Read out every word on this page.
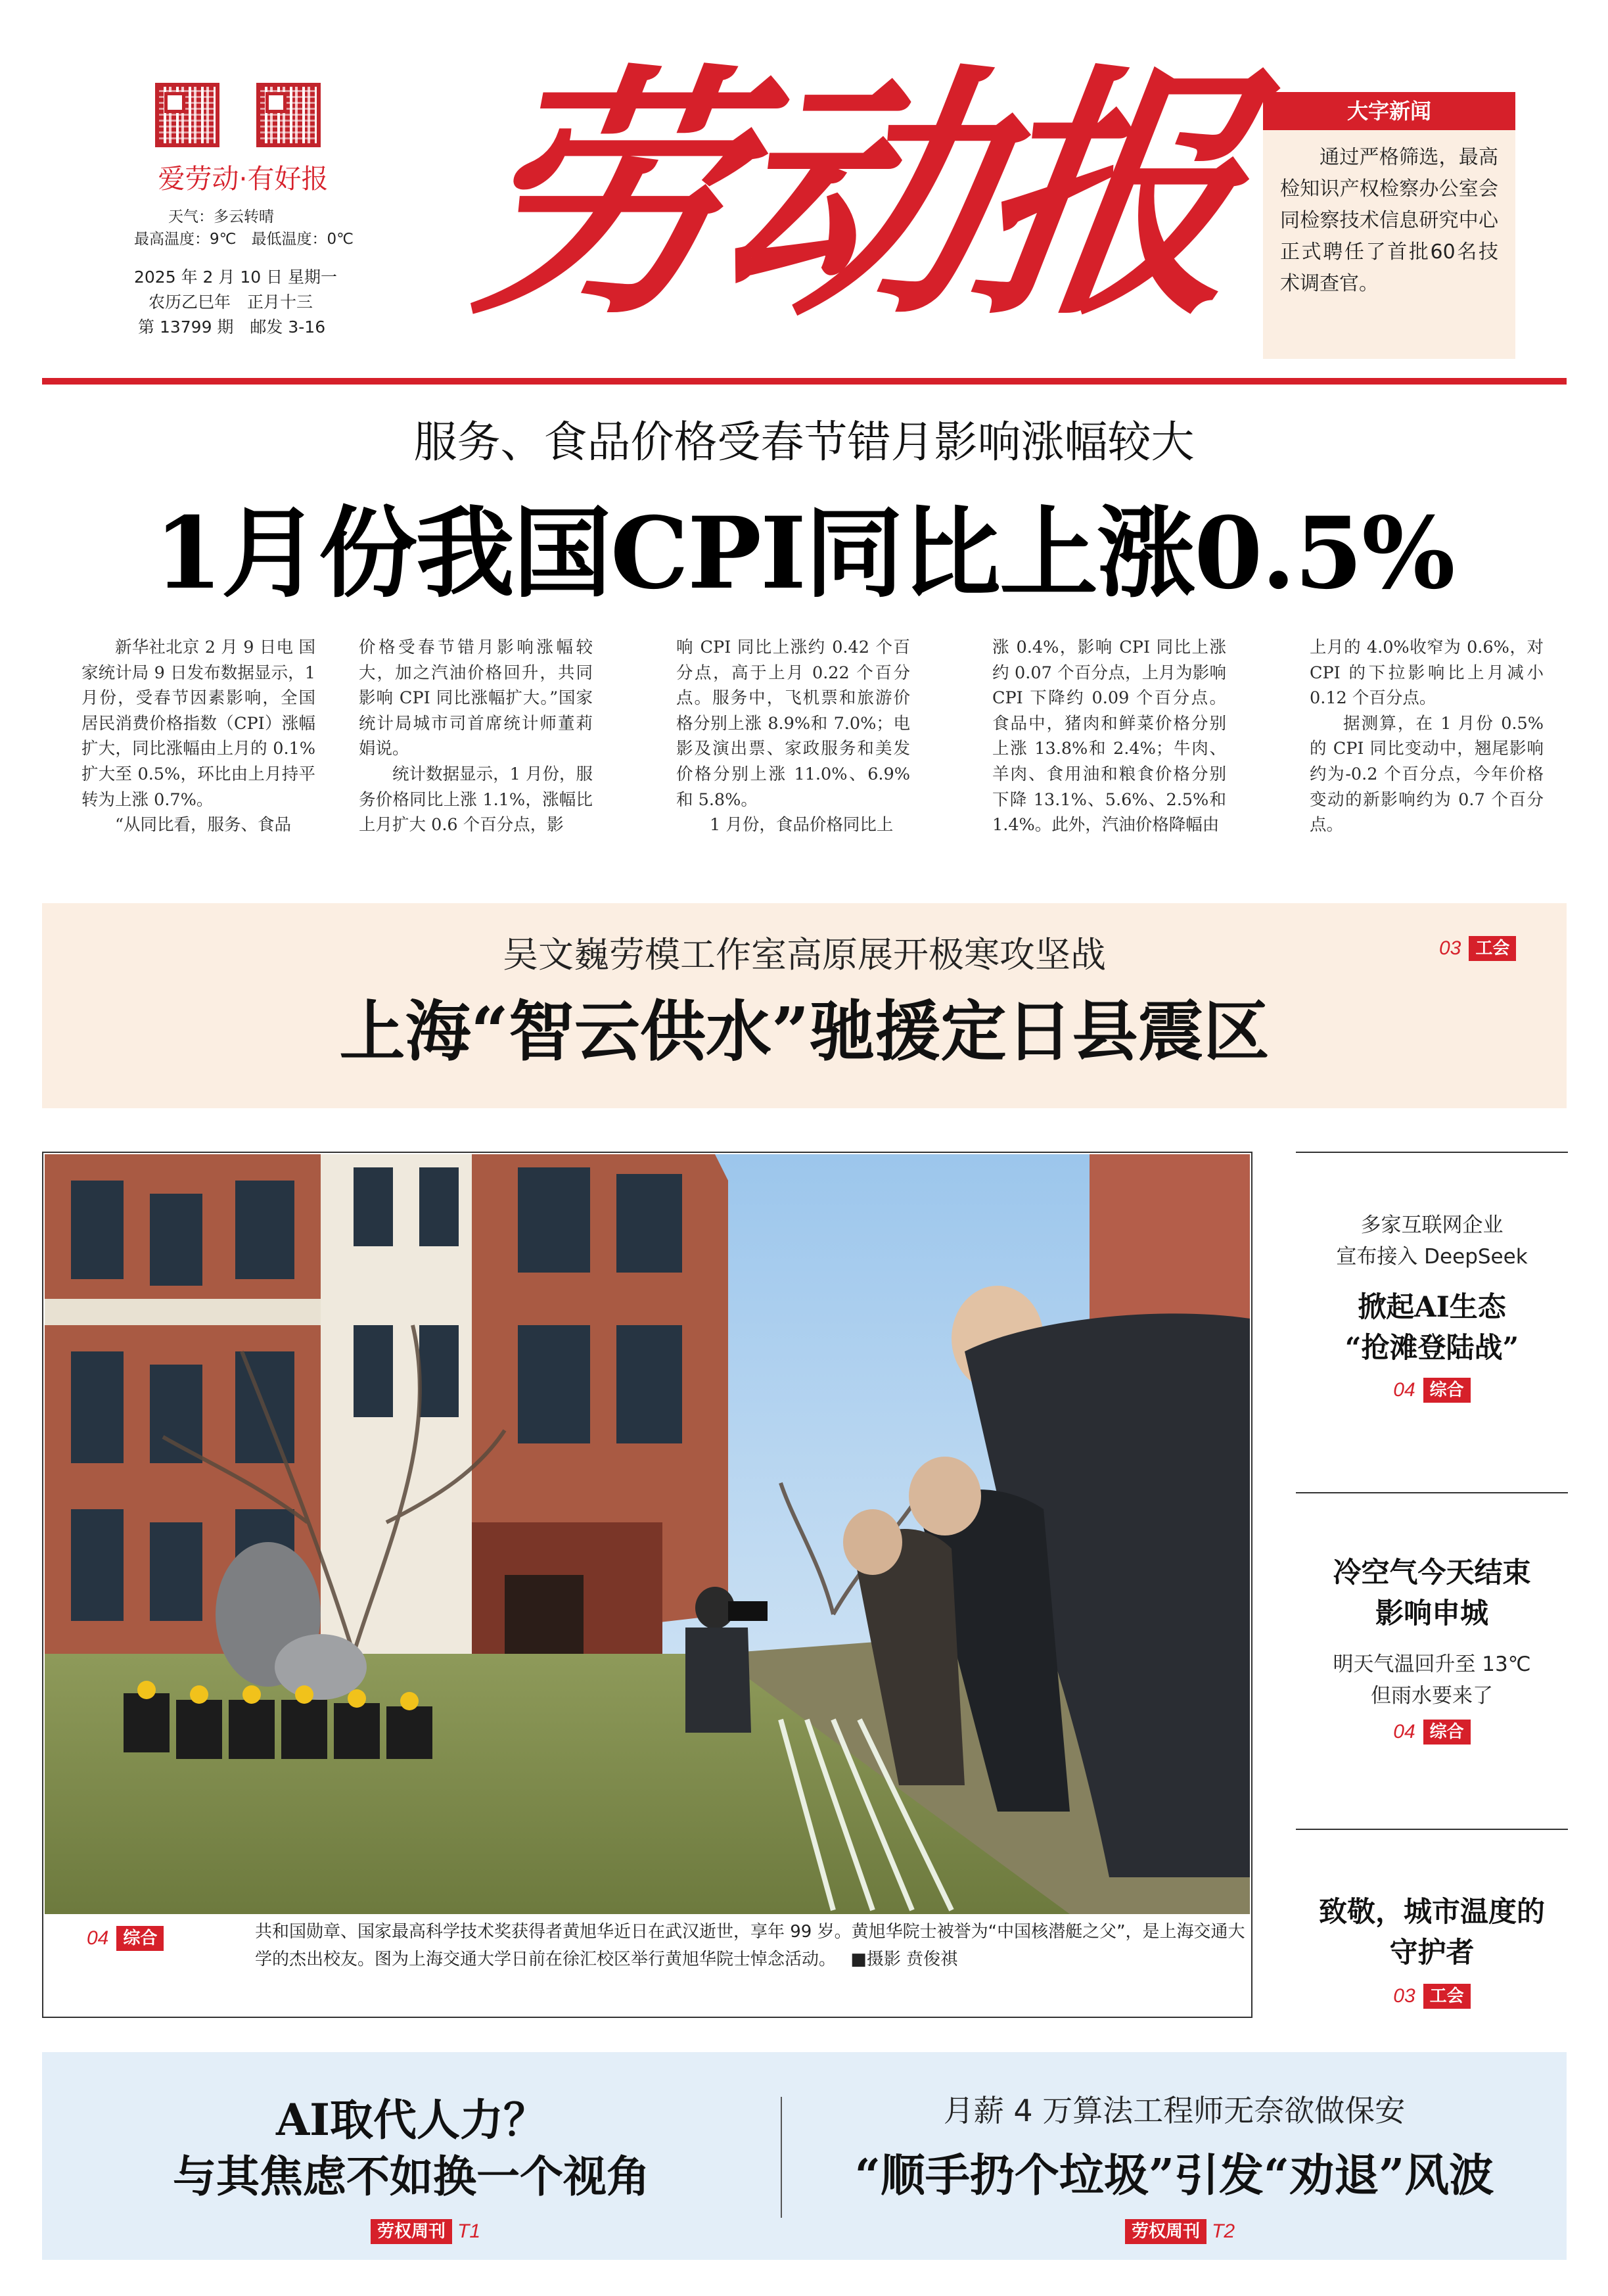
爱劳动·有好报
天气：多云转晴
最高温度：9℃　最低温度：0℃
2025 年 2 月 10 日 星期一
农历乙巳年　正月十三
第 13799 期　邮发 3-16 劳动报	大字新闻
通过严格筛选，最高检知识产权检察办公室会同检察技术信息研究中心正式聘任了首批60名技术调查官。
服务、食品价格受春节错月影响涨幅较大
1月份我国CPI同比上涨0.5%

新华社北京 2 月 9 日电 国家统计局 9 日发布数据显示，1 月份，受春节因素影响，全国居民消费价格指数（CPI）涨幅扩大，同比涨幅由上月的 0.1%扩大至 0.5%，环比由上月持平转为上涨 0.7%。

“从同比看，服务、食品

价格受春节错月影响涨幅较大，加之汽油价格回升，共同影响 CPI 同比涨幅扩大。”国家统计局城市司首席统计师董莉娟说。

统计数据显示，1 月份，服务价格同比上涨 1.1%，涨幅比上月扩大 0.6 个百分点，影

响 CPI 同比上涨约 0.42 个百分点，高于上月 0.22 个百分点。服务中，飞机票和旅游价格分别上涨 8.9%和 7.0%；电影及演出票、家政服务和美发价格分别上涨 11.0%、6.9%和 5.8%。

1 月份，食品价格同比上

涨 0.4%，影响 CPI 同比上涨约 0.07 个百分点，上月为影响 CPI 下降约 0.09 个百分点。食品中，猪肉和鲜菜价格分别上涨 13.8%和 2.4%；牛肉、羊肉、食用油和粮食价格分别下降 13.1%、5.6%、2.5%和 1.4%。此外，汽油价格降幅由

上月的 4.0%收窄为 0.6%，对 CPI 的下拉影响比上月减小 0.12 个百分点。

据测算，在 1 月份 0.5%的 CPI 同比变动中，翘尾影响约为-0.2 个百分点，今年价格变动的新影响约为 0.7 个百分点。

吴文巍劳模工作室高原展开极寒攻坚战
上海“智云供水”驰援定日县震区
03 工会
04 综合	共和国勋章、国家最高科学技术奖获得者黄旭华近日在武汉逝世，享年 99 岁。黄旭华院士被誉为“中国核潜艇之父”，是上海交通大学的杰出校友。图为上海交通大学日前在徐汇校区举行黄旭华院士悼念活动。 ■摄影 贲俊祺
多家互联网企业
宣布接入 DeepSeek
掀起AI生态
“抢滩登陆战”
04 综合
冷空气今天结束
影响申城
明天气温回升至 13℃
但雨水要来了
04 综合
致敬，城市温度的
守护者
03 工会
AI取代人力？
与其焦虑不如换一个视角
劳权周刊 T1
月薪 4 万算法工程师无奈欲做保安
“顺手扔个垃圾”引发“劝退”风波
劳权周刊 T2
